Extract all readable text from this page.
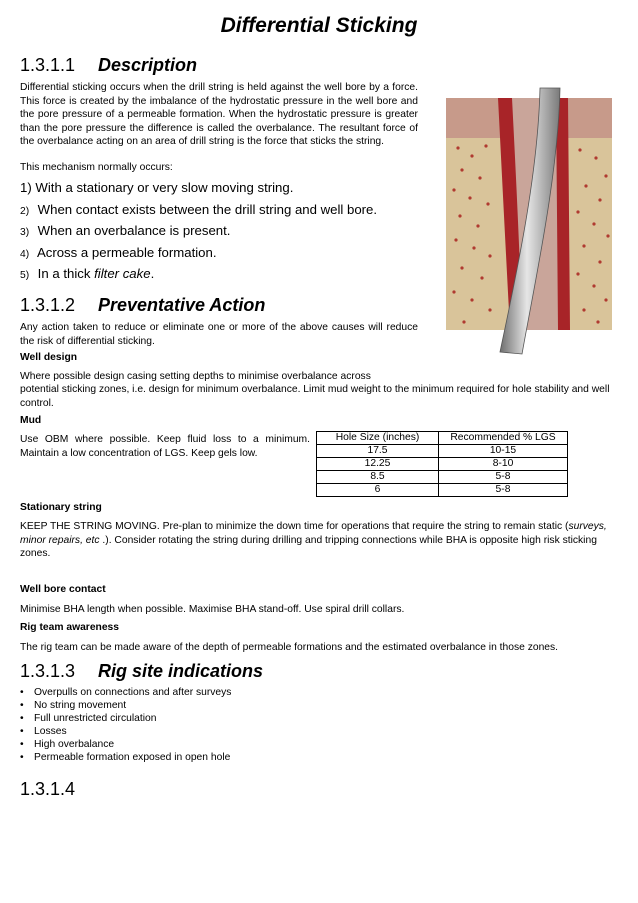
Differential Sticking
1.3.1.1 Description
Differential sticking occurs when the drill string is held against the well bore by a force. This force is created by the imbalance of the hydrostatic pressure in the well bore and the pore pressure of a permeable formation. When the hydrostatic pressure is greater than the pore pressure the difference is called the overbalance. The resultant force of the overbalance acting on an area of drill string is the force that sticks the string.
This mechanism normally occurs:
1) With a stationary or very slow moving string.
2) When contact exists between the drill string and well bore.
3) When an overbalance is present.
4) Across a permeable formation.
5) In a thick filter cake.
1.3.1.2 Preventative Action
Any action taken to reduce or eliminate one or more of the above causes will reduce the risk of differential sticking.
Well design
Where possible design casing setting depths to minimise overbalance across
potential sticking zones, i.e. design for minimum overbalance. Limit mud weight to the minimum required for hole stability and well control.
Mud
Use OBM where possible. Keep fluid loss to a minimum. Maintain a low concentration of LGS. Keep gels low.
Hole Size (inches)	Recommended % LGS
17.5	10-15
12.25	8-10
8.5	5-8
6	5-8
Stationary string
KEEP THE STRING MOVING. Pre-plan to minimize the down time for operations that require the string to remain static (surveys, minor repairs, etc .). Consider rotating the string during drilling and tripping connections while BHA is opposite high risk sticking zones.
Well bore contact
Minimise BHA length when possible. Maximise BHA stand-off. Use spiral drill collars.
Rig team awareness
The rig team can be made aware of the depth of permeable formations and the estimated overbalance in those zones.
1.3.1.3 Rig site indications
• Overpulls on connections and after surveys
• No string movement
• Full unrestricted circulation
• Losses
• High overbalance
• Permeable formation exposed in open hole
1.3.1.4
